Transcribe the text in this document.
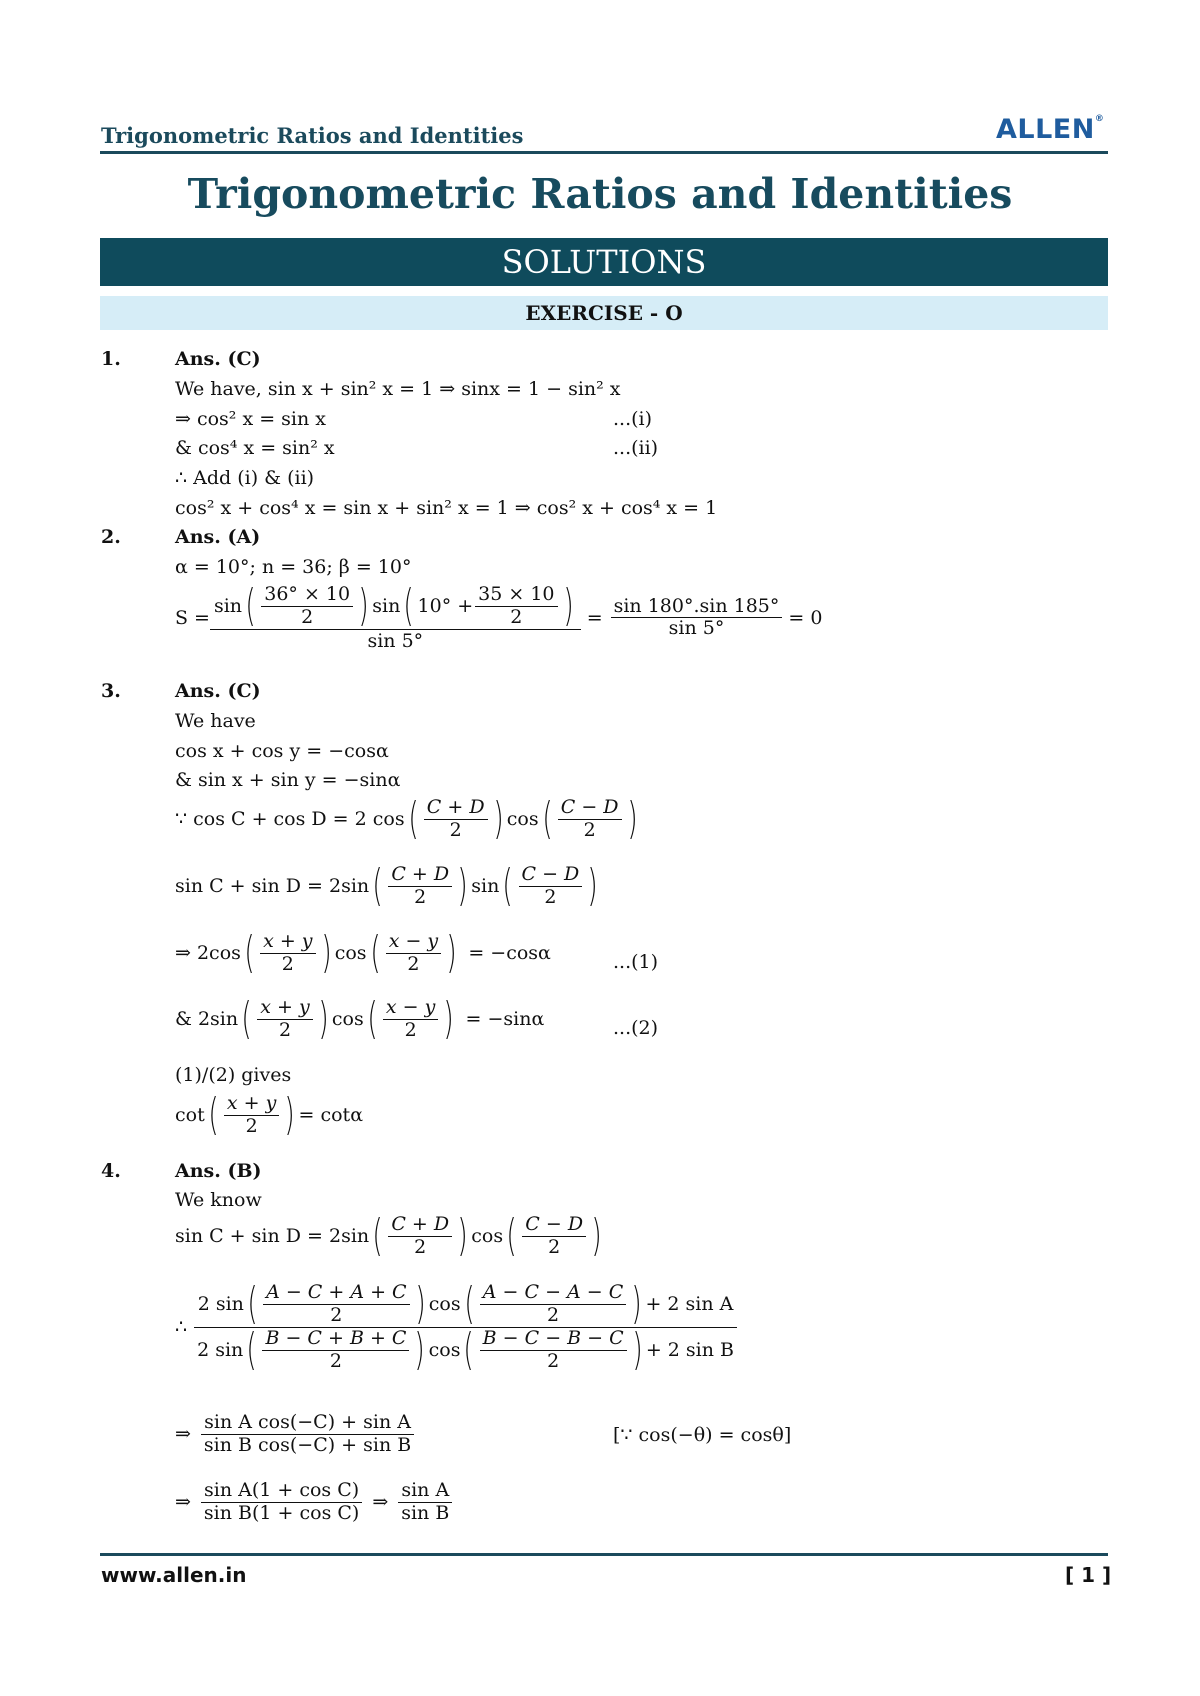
Trigonometric Ratios and Identities	ALLEN®
Trigonometric Ratios and Identities
SOLUTIONS
EXERCISE - O
1.	Ans. (C)
We have, sin x + sin² x = 1 ⇒ sinx = 1 − sin² x
⇒ cos² x = sin x	...(i)
& cos⁴ x = sin² x	...(ii)
∴ Add (i) & (ii)
cos² x + cos⁴ x = sin x + sin² x = 1 ⇒ cos² x + cos⁴ x = 1
2.	Ans. (A)
α = 10°; n = 36; β = 10°
$S = \frac{\sin ( \frac{36^\circ \times 10}{2} ) \sin ( 10^\circ + \frac{35 \times 10}{2} )}{\sin 5^\circ} = \frac{\sin 180^\circ.\sin 185^\circ}{\sin 5^\circ} = 0$
3.	Ans. (C)
We have
cos x + cos y = −cosα
& sin x + sin y = −sinα
∵ cos C + cos D = 2 cos ( $\frac{C + D}{2}$ ) cos ( $\frac{C - D}{2}$ )
sin C + sin D = 2sin ( $\frac{C + D}{2}$ ) sin ( $\frac{C - D}{2}$ )
⇒ 2cos ( $\frac{x + y}{2}$ ) cos ( $\frac{x - y}{2}$ ) = −cosα	...(1)
& 2sin ( $\frac{x + y}{2}$ ) cos ( $\frac{x - y}{2}$ ) = −sinα	...(2)
(1)/(2) gives
cot ( $\frac{x + y}{2}$ ) = cotα
4.	Ans. (B)
We know
sin C + sin D = 2sin ( $\frac{C + D}{2}$ ) cos ( $\frac{C - D}{2}$ )
∴
2 sin ( $\frac{A - C + A + C}{2}$ ) cos ( $\frac{A - C - A - C}{2}$ ) + 2 sin A
2 sin ( $\frac{B - C + B + C}{2}$ ) cos ( $\frac{B - C - B - C}{2}$ ) + 2 sin B
⇒ $\frac{\text{sin A cos(−C) + sin A}}{\text{sin B cos(−C) + sin B}}$	[∵ cos(−θ) = cosθ]
⇒ $\frac{\text{sin A(1 + cos C)}}{\text{sin B(1 + cos C)}}$ ⇒ $\frac{\text{sin A}}{\text{sin B}}$
www.allen.in	[ 1 ]
